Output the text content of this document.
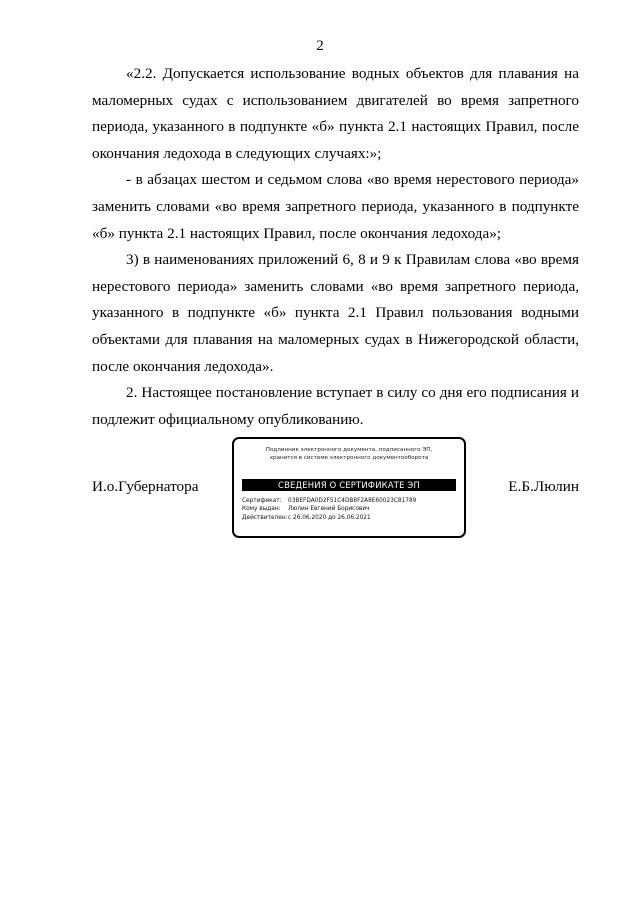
2

«2.2. Допускается использование водных объектов для плавания на маломерных судах с использованием двигателей во время запретного периода, указанного в подпункте «б» пункта 2.1 настоящих Правил, после окончания ледохода в следующих случаях:»;

- в абзацах шестом и седьмом слова «во время нерестового периода» заменить словами «во время запретного периода, указанного в подпункте «б» пункта 2.1 настоящих Правил, после окончания ледохода»;

3) в наименованиях приложений 6, 8 и 9 к Правилам слова «во время нерестового периода» заменить словами «во время запретного периода, указанного в подпункте «б» пункта 2.1 Правил пользования водными объектами для плавания на маломерных судах в Нижегородской области, после окончания ледохода».

2. Настоящее постановление вступает в силу со дня его подписания и подлежит официальному опубликованию.

И.о.Губернатора
Подлинник электронного документа, подписанного ЭП,
хранится в системе электронного документооборота
СВЕДЕНИЯ О СЕРТИФИКАТЕ ЭП
Сертификат: 03BEFDA0D2F51C4DB8F2A8E60023C81789
Кому выдан: Люлин Евгений Борисович
Действителен:с 26.06.2020 до 26.06.2021
Е.Б.Люлин
